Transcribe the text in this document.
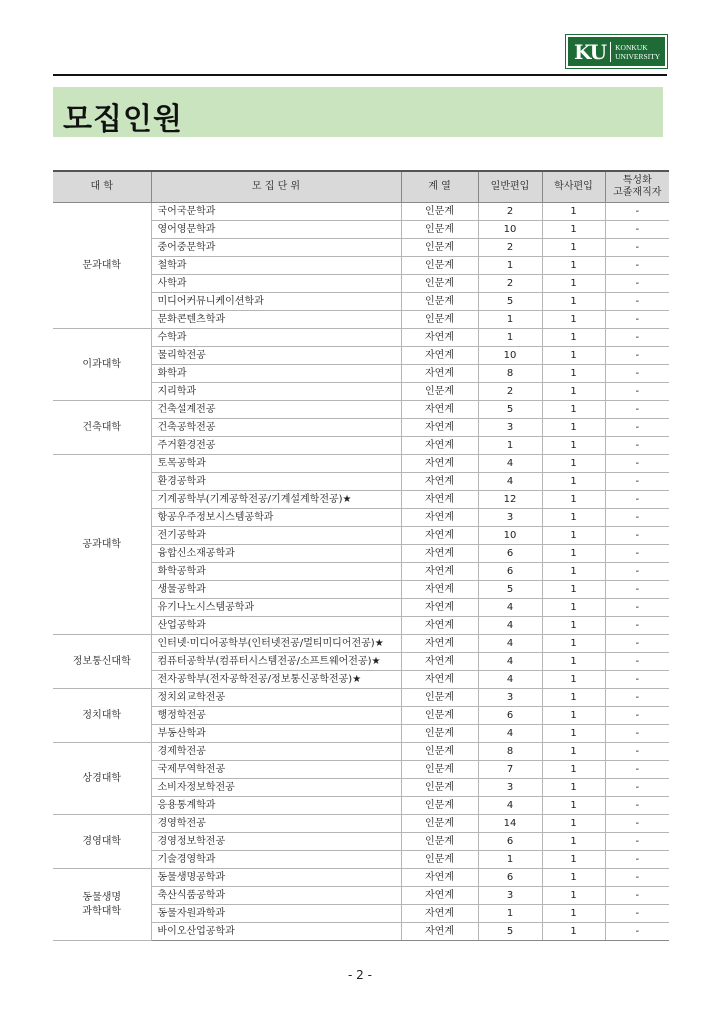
KU KONKUK
UNIVERSITY
모집인원
대 학	모 집 단 위	계 열	일반편입	학사편입	특성화
고졸재직자
문과대학	국어국문학과	인문계	2	1	-
	영어영문학과	인문계	10	1	-
	중어중문학과	인문계	2	1	-
	철학과	인문계	1	1	-
	사학과	인문계	2	1	-
	미디어커뮤니케이션학과	인문계	5	1	-
	문화콘텐츠학과	인문계	1	1	-
이과대학	수학과	자연계	1	1	-
	물리학전공	자연계	10	1	-
	화학과	자연계	8	1	-
	지리학과	인문계	2	1	-
건축대학	건축설계전공	자연계	5	1	-
	건축공학전공	자연계	3	1	-
	주거환경전공	자연계	1	1	-
공과대학	토목공학과	자연계	4	1	-
	환경공학과	자연계	4	1	-
	기계공학부(기계공학전공/기계설계학전공)★	자연계	12	1	-
	항공우주정보시스템공학과	자연계	3	1	-
	전기공학과	자연계	10	1	-
	융합신소재공학과	자연계	6	1	-
	화학공학과	자연계	6	1	-
	생물공학과	자연계	5	1	-
	유기나노시스템공학과	자연계	4	1	-
	산업공학과	자연계	4	1	-
정보통신대학	인터넷·미디어공학부(인터넷전공/멀티미디어전공)★	자연계	4	1	-
	컴퓨터공학부(컴퓨터시스템전공/소프트웨어전공)★	자연계	4	1	-
	전자공학부(전자공학전공/정보통신공학전공)★	자연계	4	1	-
정치대학	정치외교학전공	인문계	3	1	-
	행정학전공	인문계	6	1	-
	부동산학과	인문계	4	1	-
상경대학	경제학전공	인문계	8	1	-
	국제무역학전공	인문계	7	1	-
	소비자정보학전공	인문계	3	1	-
	응용통계학과	인문계	4	1	-
경영대학	경영학전공	인문계	14	1	-
	경영정보학전공	인문계	6	1	-
	기술경영학과	인문계	1	1	-
동물생명
과학대학	동물생명공학과	자연계	6	1	-
	축산식품공학과	자연계	3	1	-
	동물자원과학과	자연계	1	1	-
	바이오산업공학과	자연계	5	1	-
- 2 -
